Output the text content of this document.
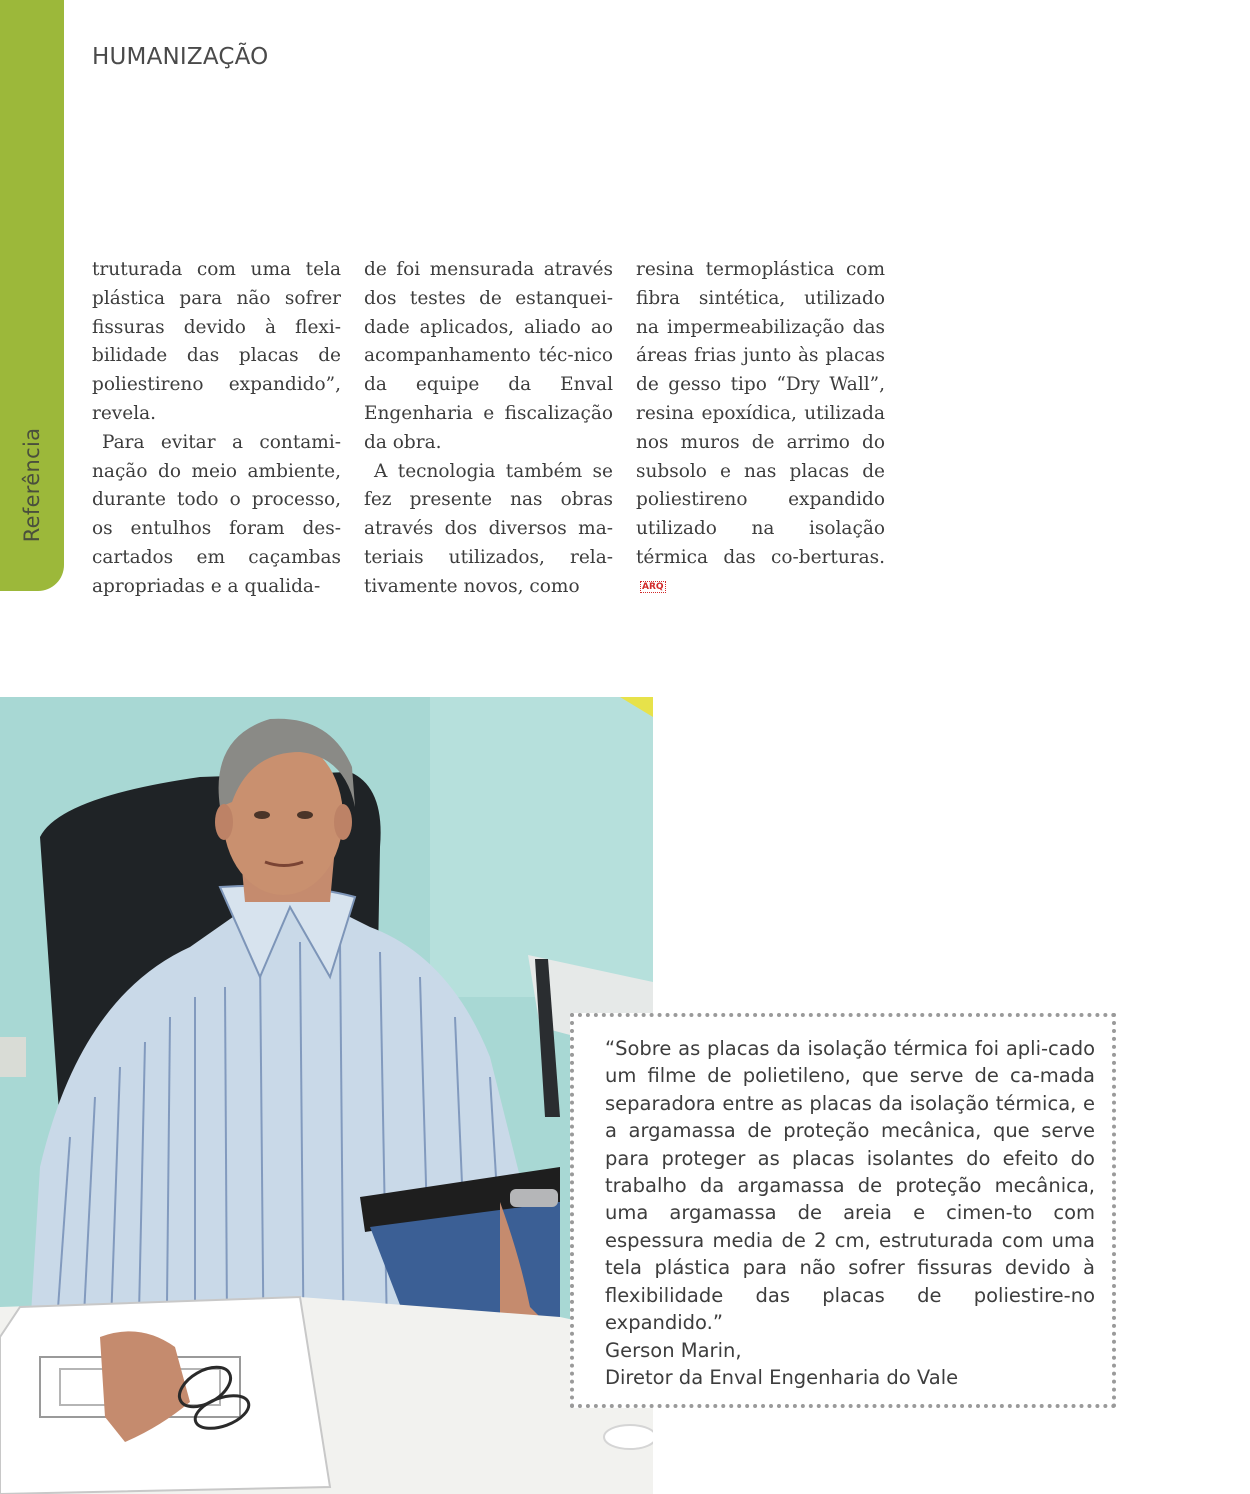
Referência
HUMANIZAÇÃO

truturada com uma tela plástica para não sofrer fissuras devido à flexi-bilidade das placas de poliestireno expandido”, revela.

Para evitar a contami-nação do meio ambiente, durante todo o processo, os entulhos foram des-cartados em caçambas apropriadas e a qualida-

de foi mensurada através dos testes de estanquei-dade aplicados, aliado ao acompanhamento téc-nico da equipe da Enval Engenharia e fiscalização da obra.

A tecnologia também se fez presente nas obras através dos diversos ma-teriais utilizados, rela-tivamente novos, como

resina termoplástica com fibra sintética, utilizado na impermeabilização das áreas frias junto às placas de gesso tipo “Dry Wall”, resina epoxídica, utilizada nos muros de arrimo do subsolo e nas placas de poliestireno expandido utilizado na isolação térmica das co-berturas.ARQ

“Sobre as placas da isolação térmica foi apli-cado um filme de polietileno, que serve de ca-mada separadora entre as placas da isolação térmica, e a argamassa de proteção mecânica, que serve para proteger as placas isolantes do efeito do trabalho da argamassa de proteção mecânica, uma argamassa de areia e cimen-to com espessura media de 2 cm, estruturada com uma tela plástica para não sofrer fissuras devido à flexibilidade das placas de poliestire-no expandido.”
Gerson Marin,
Diretor da Enval Engenharia do Vale
